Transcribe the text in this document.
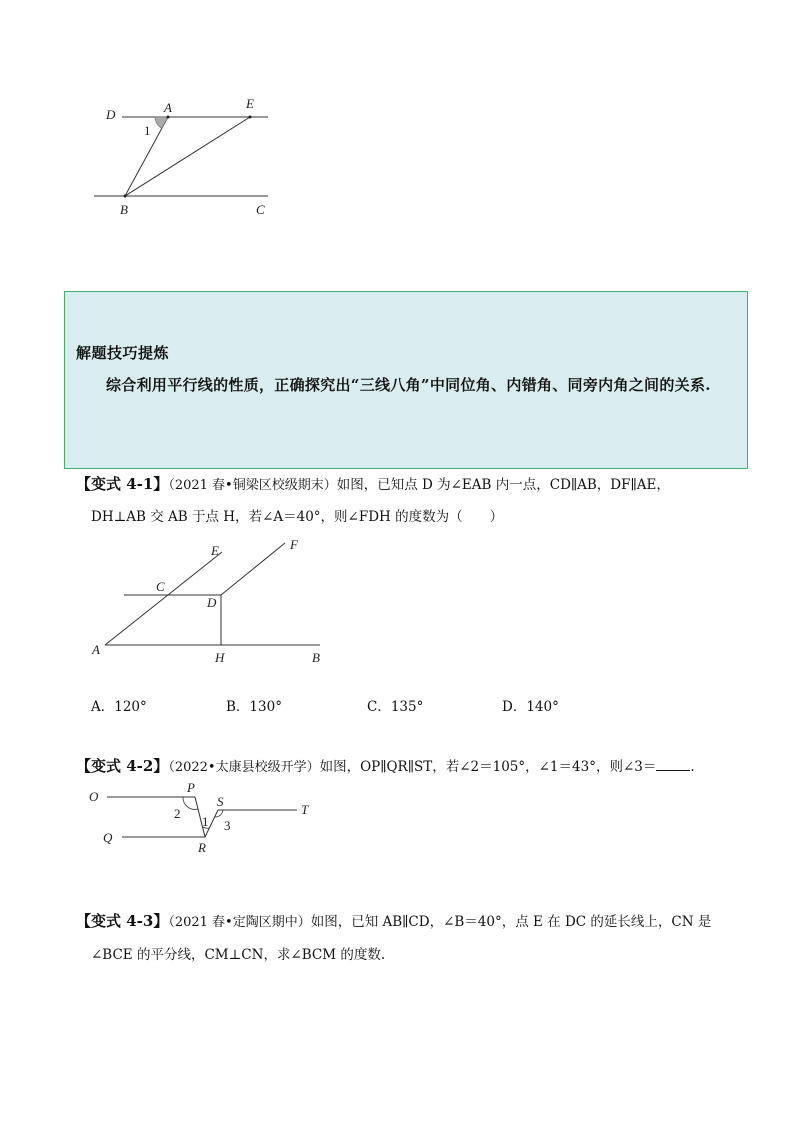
D	A	E
1
B	C
解题技巧提炼
综合利用平行线的性质，正确探究出“三线八角”中同位角、内错角、同旁内角之间的关系.
【变式 4-1】（2021 春•铜梁区校级期末）如图，已知点 D 为∠EAB 内一点，CD∥AB，DF∥AE，
DH⊥AB 交 AB 于点 H，若∠A＝40°，则∠FDH 的度数为（　　）
E	F
C
D
A
H	B
A．120°	B．130°	C．135°	D．140°
【变式 4-2】（2022•太康县校级开学）如图，OP∥QR∥ST，若∠2＝105°，∠1＝43°，则∠3＝	.
O
P
S
T
Q
R
1
2
3
【变式 4-3】（2021 春•定陶区期中）如图，已知 AB∥CD，∠B＝40°，点 E 在 DC 的延长线上，CN 是
∠BCE 的平分线，CM⊥CN，求∠BCM 的度数.
